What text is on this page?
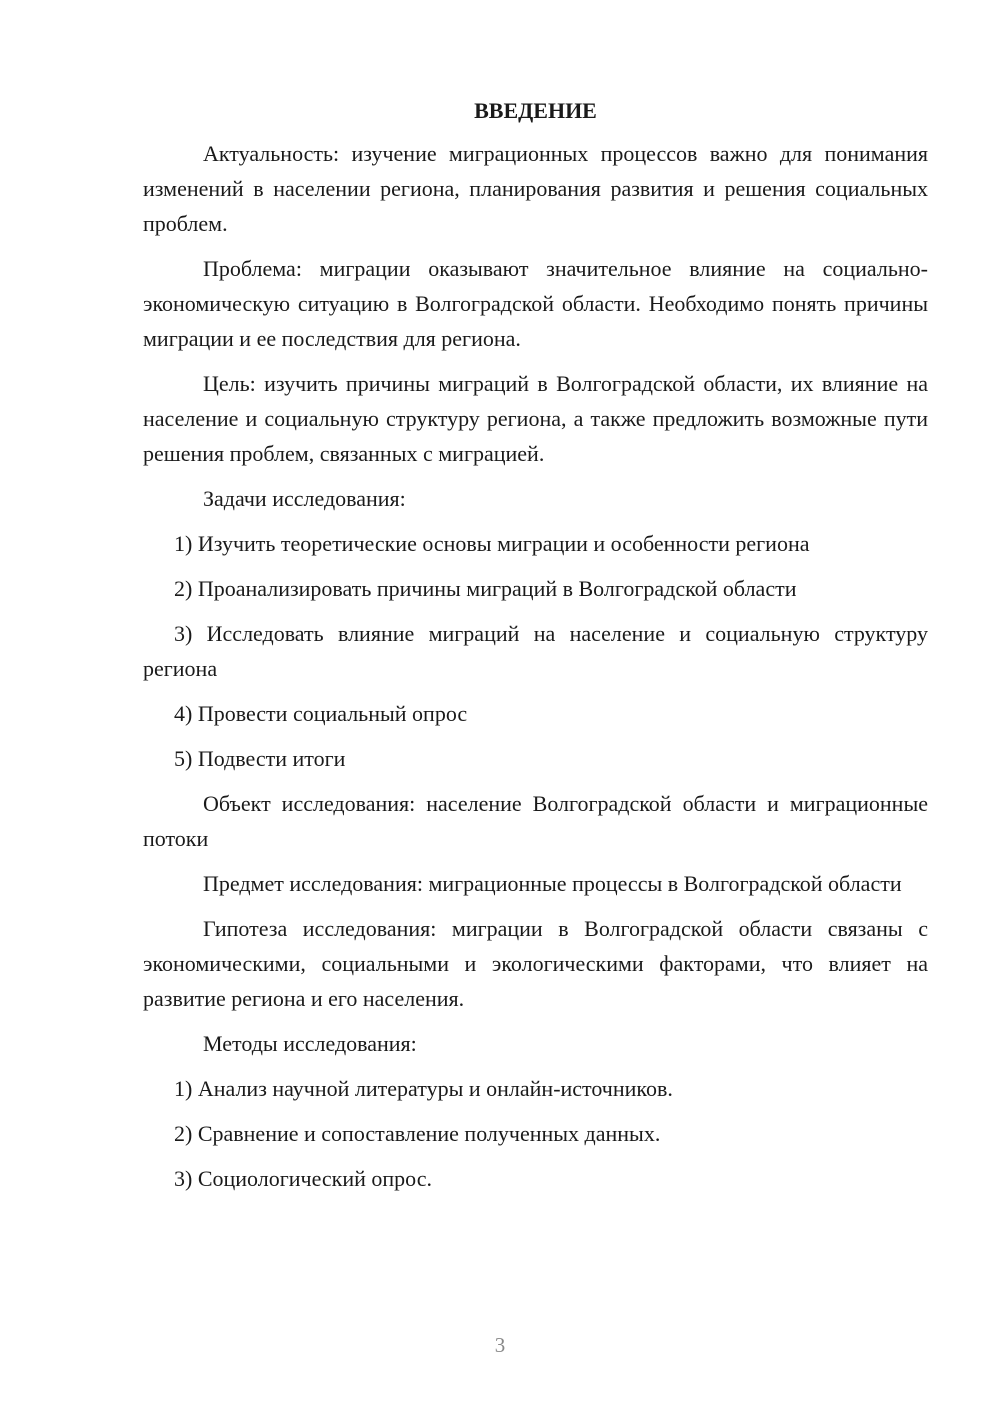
ВВЕДЕНИЕ
Актуальность: изучение миграционных процессов важно для понимания изменений в населении региона, планирования развития и решения социальных проблем.
Проблема: миграции оказывают значительное влияние на социально-экономическую ситуацию в Волгоградской области. Необходимо понять причины миграции и ее последствия для региона.
Цель: изучить причины миграций в Волгоградской области, их влияние на население и социальную структуру региона, а также предложить возможные пути решения проблем, связанных с миграцией.
Задачи исследования:
1) Изучить теоретические основы миграции и особенности региона
2) Проанализировать причины миграций в Волгоградской области
3) Исследовать влияние миграций на население и социальную структуру региона
4) Провести социальный опрос
5) Подвести итоги
Объект исследования: население Волгоградской области и миграционные потоки
Предмет исследования: миграционные процессы в Волгоградской области
Гипотеза исследования: миграции в Волгоградской области связаны с экономическими, социальными и экологическими факторами, что влияет на развитие региона и его населения.
Методы исследования:
1) Анализ научной литературы и онлайн-источников.
2) Сравнение и сопоставление полученных данных.
3) Социологический опрос.
3
